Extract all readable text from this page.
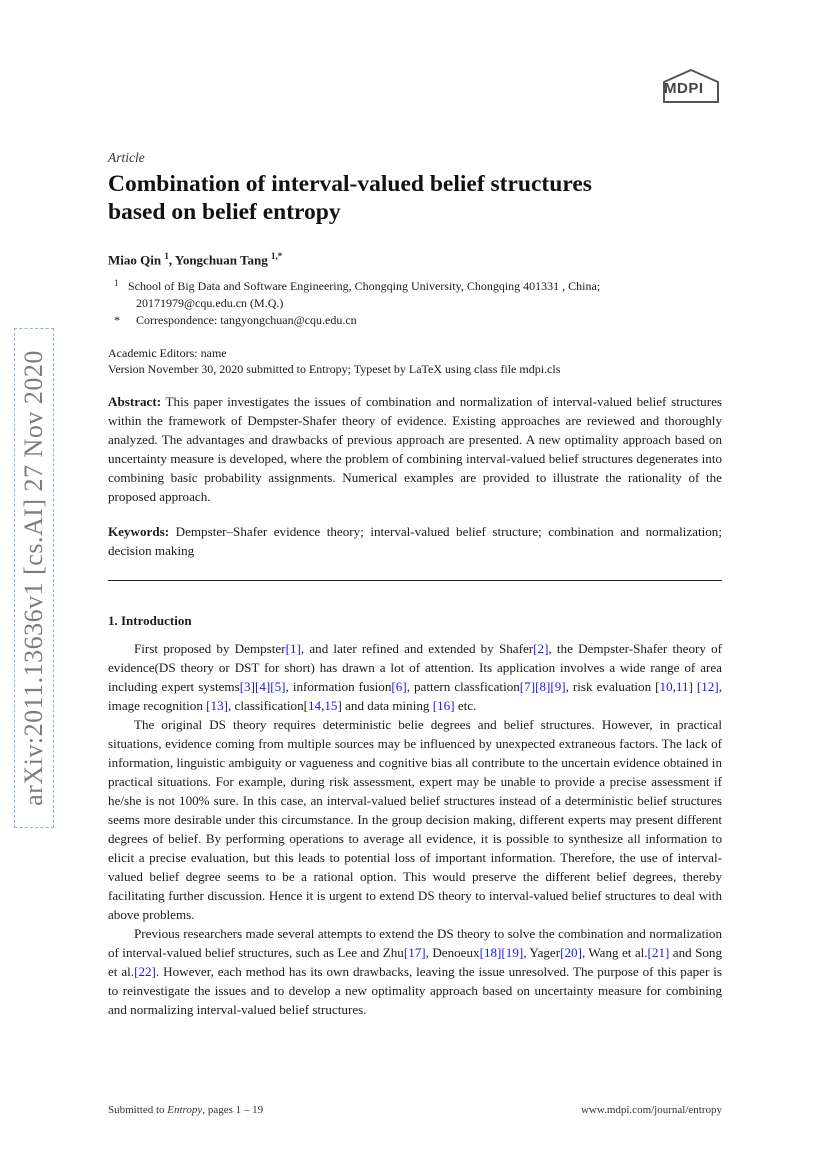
MDPI
arXiv:2011.13636v1 [cs.AI] 27 Nov 2020

Article

Combination of interval-valued belief structures
based on belief entropy

Miao Qin $^1$, Yongchuan Tang $^{1,*}$

1 School of Big Data and Software Engineering, Chongqing University, Chongqing 401331 , China;

20171979@cqu.edu.cn (M.Q.)

* Correspondence: tangyongchuan@cqu.edu.cn

Academic Editors: name

Version November 30, 2020 submitted to Entropy; Typeset by LaTeX using class file mdpi.cls

Abstract: This paper investigates the issues of combination and normalization of interval-valued belief structures within the framework of Dempster-Shafer theory of evidence. Existing approaches are reviewed and thoroughly analyzed. The advantages and drawbacks of previous approach are presented. A new optimality approach based on uncertainty measure is developed, where the problem of combining interval-valued belief structures degenerates into combining basic probability assignments. Numerical examples are provided to illustrate the rationality of the proposed approach.

Keywords: Dempster–Shafer evidence theory; interval-valued belief structure; combination and normalization; decision making

1. Introduction

First proposed by Dempster[1], and later refined and extended by Shafer[2], the Dempster-Shafer theory of evidence(DS theory or DST for short) has drawn a lot of attention. Its application involves a wide range of area including expert systems[3][4][5], information fusion[6], pattern classfication[7][8][9], risk evaluation [10,11] [12], image recognition [13], classification[14,15] and data mining [16] etc.

The original DS theory requires deterministic belie degrees and belief structures. However, in practical situations, evidence coming from multiple sources may be influenced by unexpected extraneous factors. The lack of information, linguistic ambiguity or vagueness and cognitive bias all contribute to the uncertain evidence obtained in practical situations. For example, during risk assessment, expert may be unable to provide a precise assessment if he/she is not 100% sure. In this case, an interval-valued belief structures instead of a deterministic belief structures seems more desirable under this circumstance. In the group decision making, different experts may present different degrees of belief. By performing operations to average all evidence, it is possible to synthesize all information to elicit a precise evaluation, but this leads to potential loss of important information. Therefore, the use of interval-valued belief degree seems to be a rational option. This would preserve the different belief degrees, thereby facilitating further discussion. Hence it is urgent to extend DS theory to interval-valued belief structures to deal with above problems.

Previous researchers made several attempts to extend the DS theory to solve the combination and normalization of interval-valued belief structures, such as Lee and Zhu[17], Denoeux[18][19], Yager[20], Wang et al.[21] and Song et al.[22]. However, each method has its own drawbacks, leaving the issue unresolved. The purpose of this paper is to reinvestigate the issues and to develop a new optimality approach based on uncertainty measure for combining and normalizing interval-valued belief structures.

Submitted to Entropy, pages 1 – 19	www.mdpi.com/journal/entropy
